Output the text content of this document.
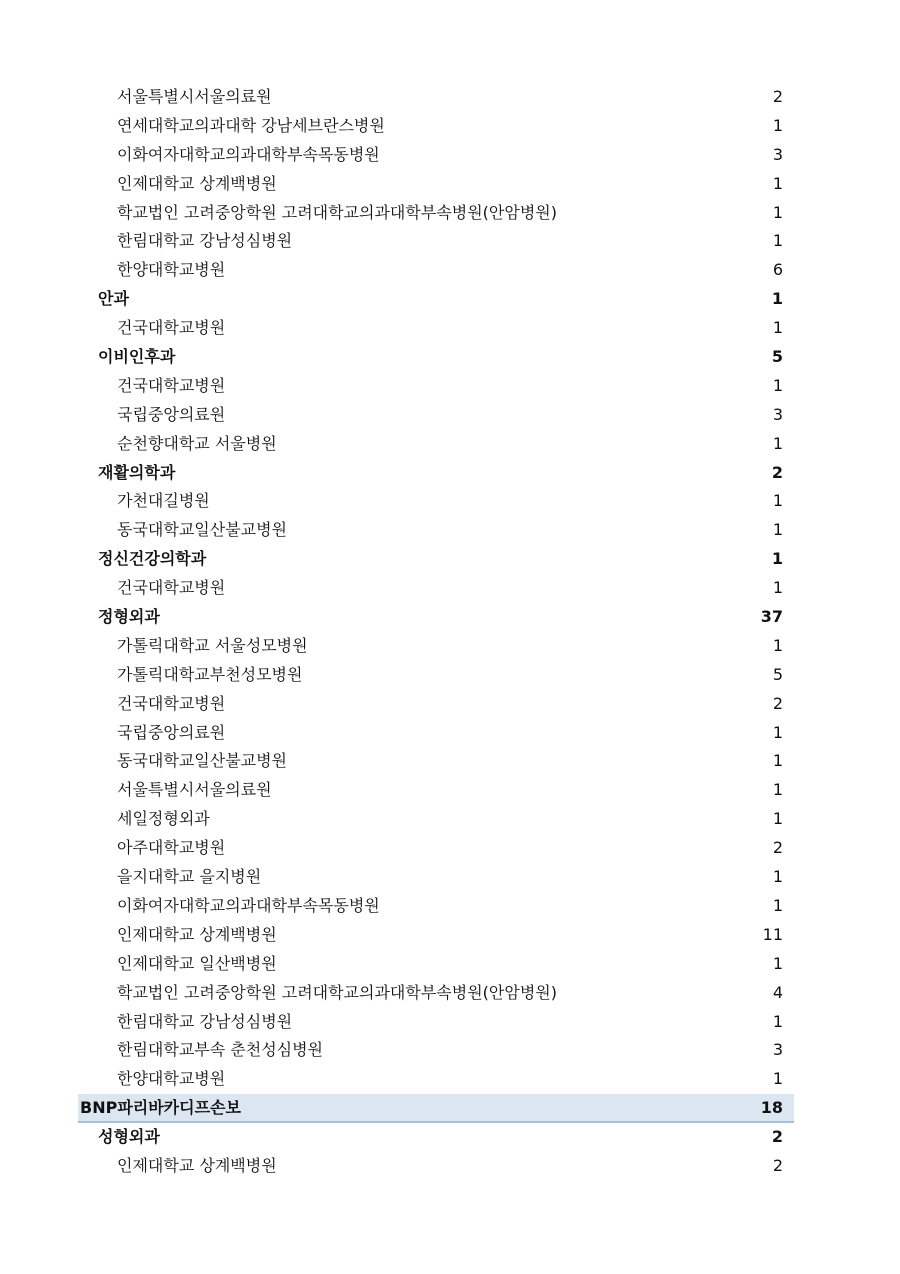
서울특별시서울의료원	2
연세대학교의과대학 강남세브란스병원	1
이화여자대학교의과대학부속목동병원	3
인제대학교 상계백병원	1
학교법인 고려중앙학원 고려대학교의과대학부속병원(안암병원)	1
한림대학교 강남성심병원	1
한양대학교병원	6
안과	1
건국대학교병원	1
이비인후과	5
건국대학교병원	1
국립중앙의료원	3
순천향대학교 서울병원	1
재활의학과	2
가천대길병원	1
동국대학교일산불교병원	1
정신건강의학과	1
건국대학교병원	1
정형외과	37
가톨릭대학교 서울성모병원	1
가톨릭대학교부천성모병원	5
건국대학교병원	2
국립중앙의료원	1
동국대학교일산불교병원	1
서울특별시서울의료원	1
세일정형외과	1
아주대학교병원	2
을지대학교 을지병원	1
이화여자대학교의과대학부속목동병원	1
인제대학교 상계백병원	11
인제대학교 일산백병원	1
학교법인 고려중앙학원 고려대학교의과대학부속병원(안암병원)	4
한림대학교 강남성심병원	1
한림대학교부속 춘천성심병원	3
한양대학교병원	1
BNP파리바카디프손보	18
성형외과	2
인제대학교 상계백병원	2
